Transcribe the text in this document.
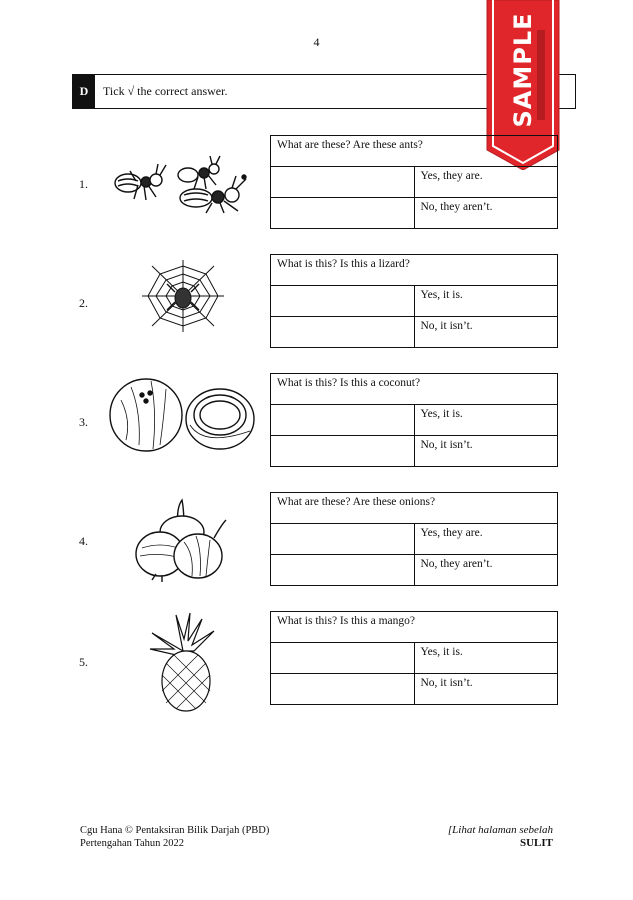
4
D	Tick √ the correct answer.	SAMPLE
1.
What are these? Are these ants?	
	Yes, they are.
	No, they aren’t.
2.
What is this? Is this a lizard?	
	Yes, it is.
	No, it isn’t.
3.
What is this? Is this a coconut?	
	Yes, it is.
	No, it isn’t.
4.
What are these? Are these onions?	
	Yes, they are.
	No, they aren’t.
5.
What is this? Is this a mango?	
	Yes, it is.
	No, it isn’t.
Cgu Hana © Pentaksiran Bilik Darjah (PBD)
Pertengahan Tahun 2022
[Lihat halaman sebelah
SULIT
